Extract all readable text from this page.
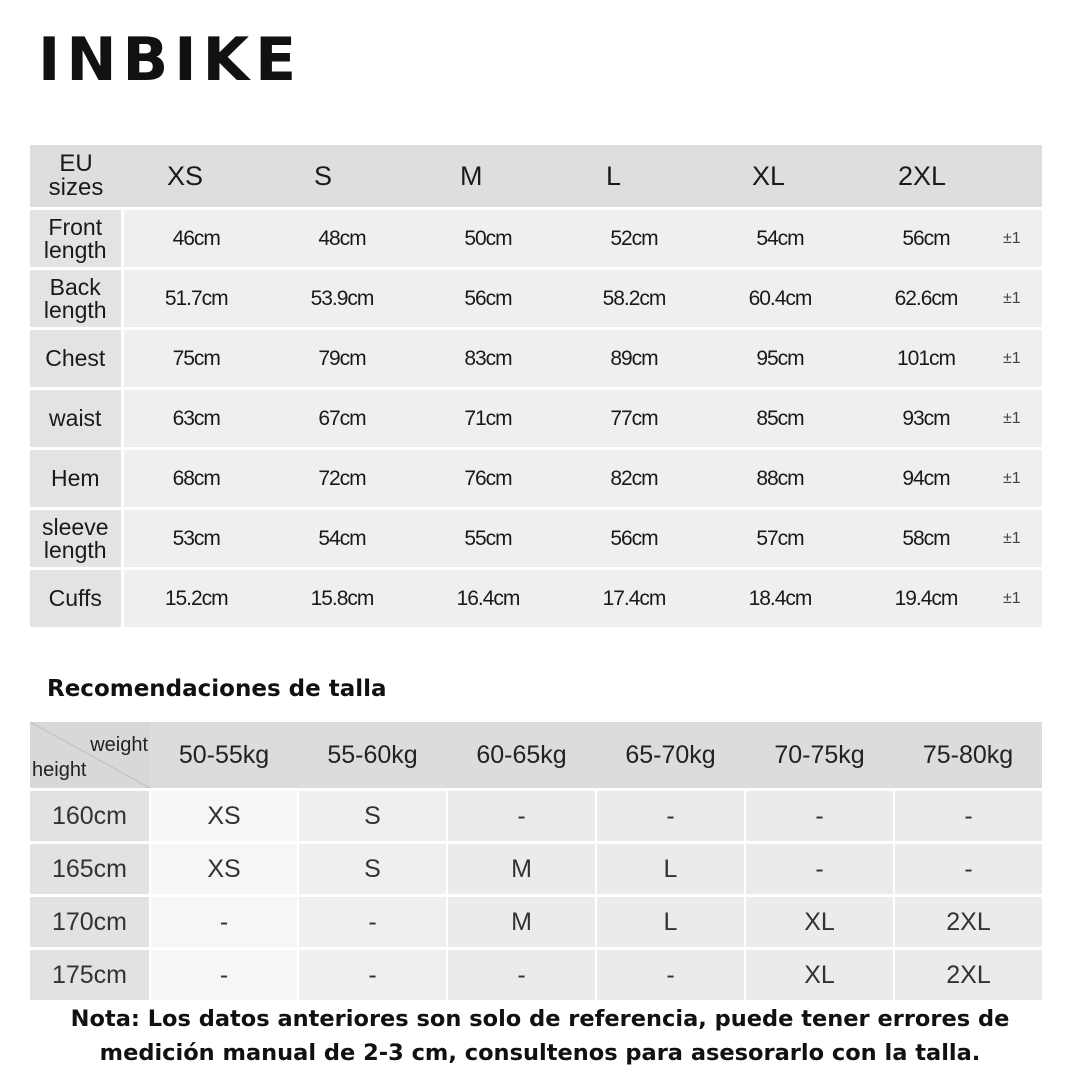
INBIKE
EU
sizes	XS	S	M	L	XL	2XL	

Front
length	46cm	48cm	50cm	52cm	54cm	56cm	±1

Back
length	51.7cm	53.9cm	56cm	58.2cm	60.4cm	62.6cm	±1

Chest	75cm	79cm	83cm	89cm	95cm	101cm	±1

waist	63cm	67cm	71cm	77cm	85cm	93cm	±1

Hem	68cm	72cm	76cm	82cm	88cm	94cm	±1

sleeve
length	53cm	54cm	55cm	56cm	57cm	58cm	±1

Cuffs	15.2cm	15.8cm	16.4cm	17.4cm	18.4cm	19.4cm	±1
Recomendaciones de talla
weight
height	50-55kg	55-60kg	60-65kg	65-70kg	70-75kg	75-80kg
160cm	XS	S	-	-	-	-
165cm	XS	S	M	L	-	-
170cm	-	-	M	L	XL	2XL
175cm	-	-	-	-	XL	2XL
Nota: Los datos anteriores son solo de referencia, puede tener errores de
medición manual de 2-3 cm, consultenos para asesorarlo con la talla.
